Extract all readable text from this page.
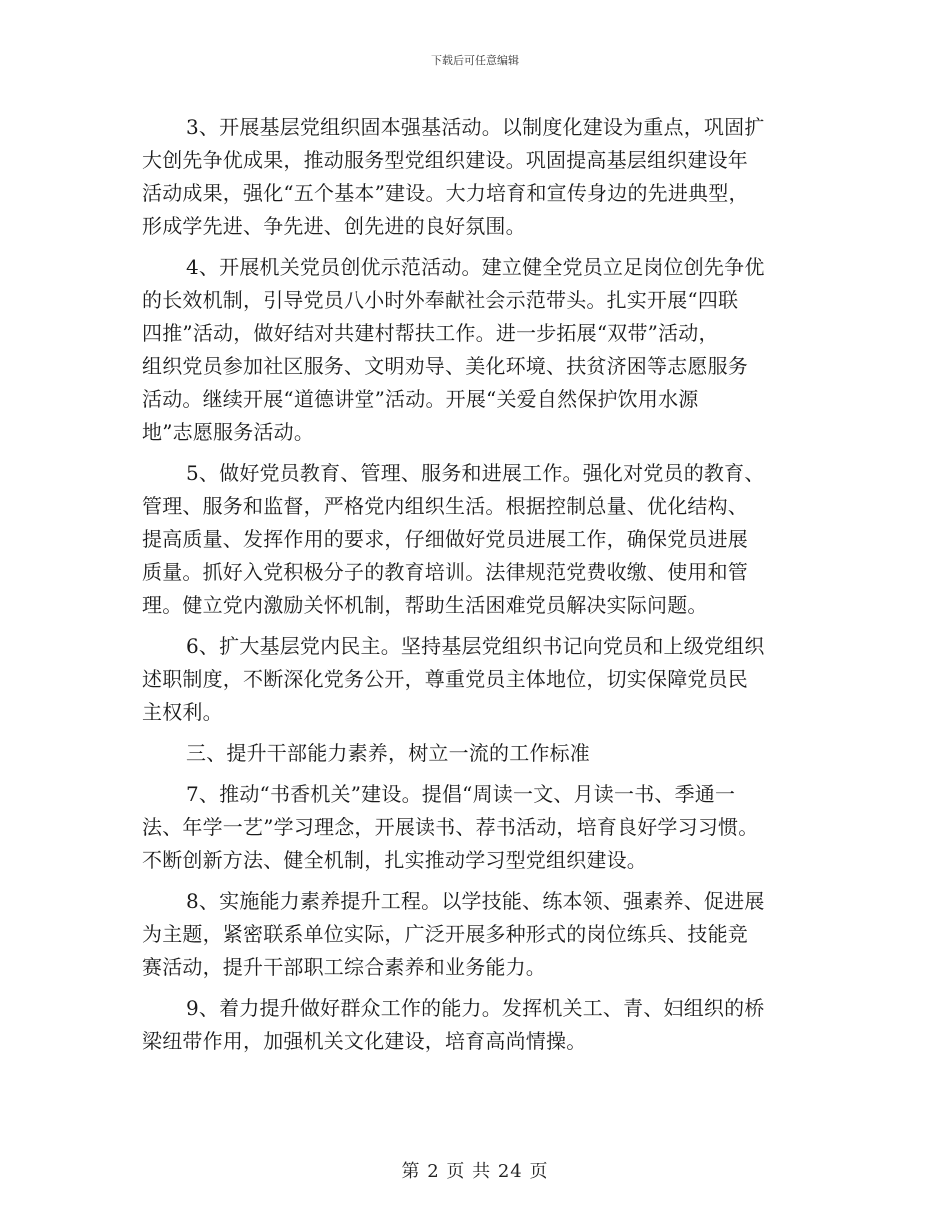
下载后可任意编辑
3、开展基层党组织固本强基活动。以制度化建设为重点，巩固扩
大创先争优成果，推动服务型党组织建设。巩固提高基层组织建设年
活动成果，强化“五个基本”建设。大力培育和宣传身边的先进典型，
形成学先进、争先进、创先进的良好氛围。
4、开展机关党员创优示范活动。建立健全党员立足岗位创先争优
的长效机制，引导党员八小时外奉献社会示范带头。扎实开展“四联
四推”活动，做好结对共建村帮扶工作。进一步拓展“双带”活动，
组织党员参加社区服务、文明劝导、美化环境、扶贫济困等志愿服务
活动。继续开展“道德讲堂”活动。开展“关爱自然保护饮用水源
地”志愿服务活动。
5、做好党员教育、管理、服务和进展工作。强化对党员的教育、
管理、服务和监督，严格党内组织生活。根据控制总量、优化结构、
提高质量、发挥作用的要求，仔细做好党员进展工作，确保党员进展
质量。抓好入党积极分子的教育培训。法律规范党费收缴、使用和管
理。健立党内激励关怀机制，帮助生活困难党员解决实际问题。
6、扩大基层党内民主。坚持基层党组织书记向党员和上级党组织
述职制度，不断深化党务公开，尊重党员主体地位，切实保障党员民
主权利。
三、提升干部能力素养，树立一流的工作标准
7、推动“书香机关”建设。提倡“周读一文、月读一书、季通一
法、年学一艺”学习理念，开展读书、荐书活动，培育良好学习习惯。
不断创新方法、健全机制，扎实推动学习型党组织建设。
8、实施能力素养提升工程。以学技能、练本领、强素养、促进展
为主题，紧密联系单位实际，广泛开展多种形式的岗位练兵、技能竞
赛活动，提升干部职工综合素养和业务能力。
9、着力提升做好群众工作的能力。发挥机关工、青、妇组织的桥
梁纽带作用，加强机关文化建设，培育高尚情操。
第 2 页 共 24 页
